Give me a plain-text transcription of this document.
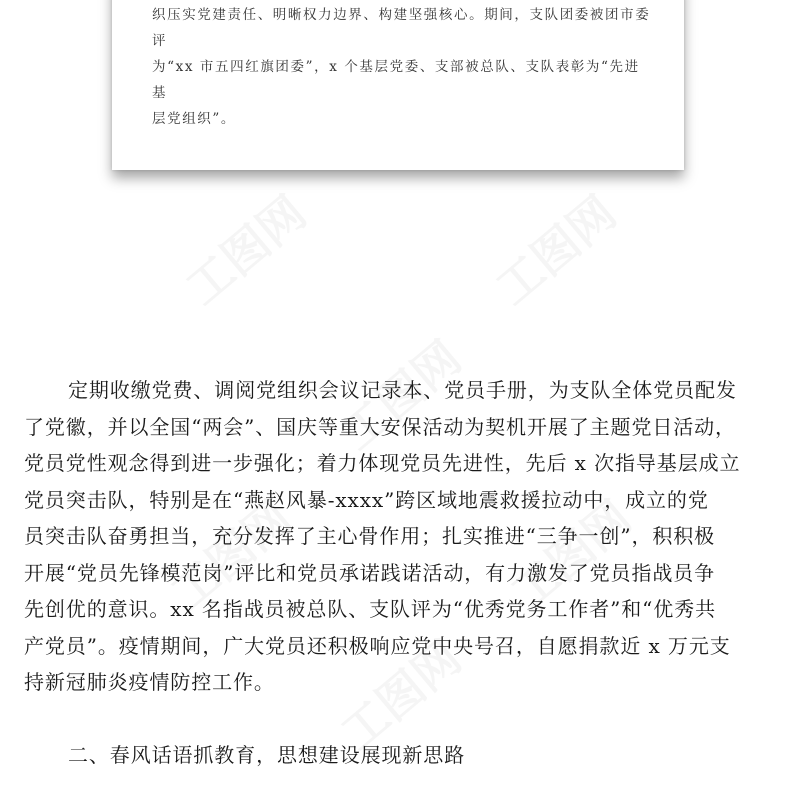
织压实党建责任、明晰权力边界、构建坚强核心。期间，支队团委被团市委评

为“xx 市五四红旗团委”，x 个基层党委、支部被总队、支队表彰为“先进基

层党组织”。

工图网	工图网
工图网
工图网	工图网
工图网
定期收缴党费、调阅党组织会议记录本、党员手册，为支队全体党员配发
了党徽，并以全国“两会”、国庆等重大安保活动为契机开展了主题党日活动，
党员党性观念得到进一步强化；着力体现党员先进性，先后 x 次指导基层成立
党员突击队，特别是在“燕赵风暴-xxxx”跨区域地震救援拉动中，成立的党
员突击队奋勇担当，充分发挥了主心骨作用；扎实推进“三争一创”，积积极
开展“党员先锋模范岗”评比和党员承诺践诺活动，有力激发了党员指战员争
先创优的意识。xx 名指战员被总队、支队评为“优秀党务工作者”和“优秀共
产党员”。疫情期间，广大党员还积极响应党中央号召，自愿捐款近 x 万元支
持新冠肺炎疫情防控工作。
二、春风话语抓教育，思想建设展现新思路
